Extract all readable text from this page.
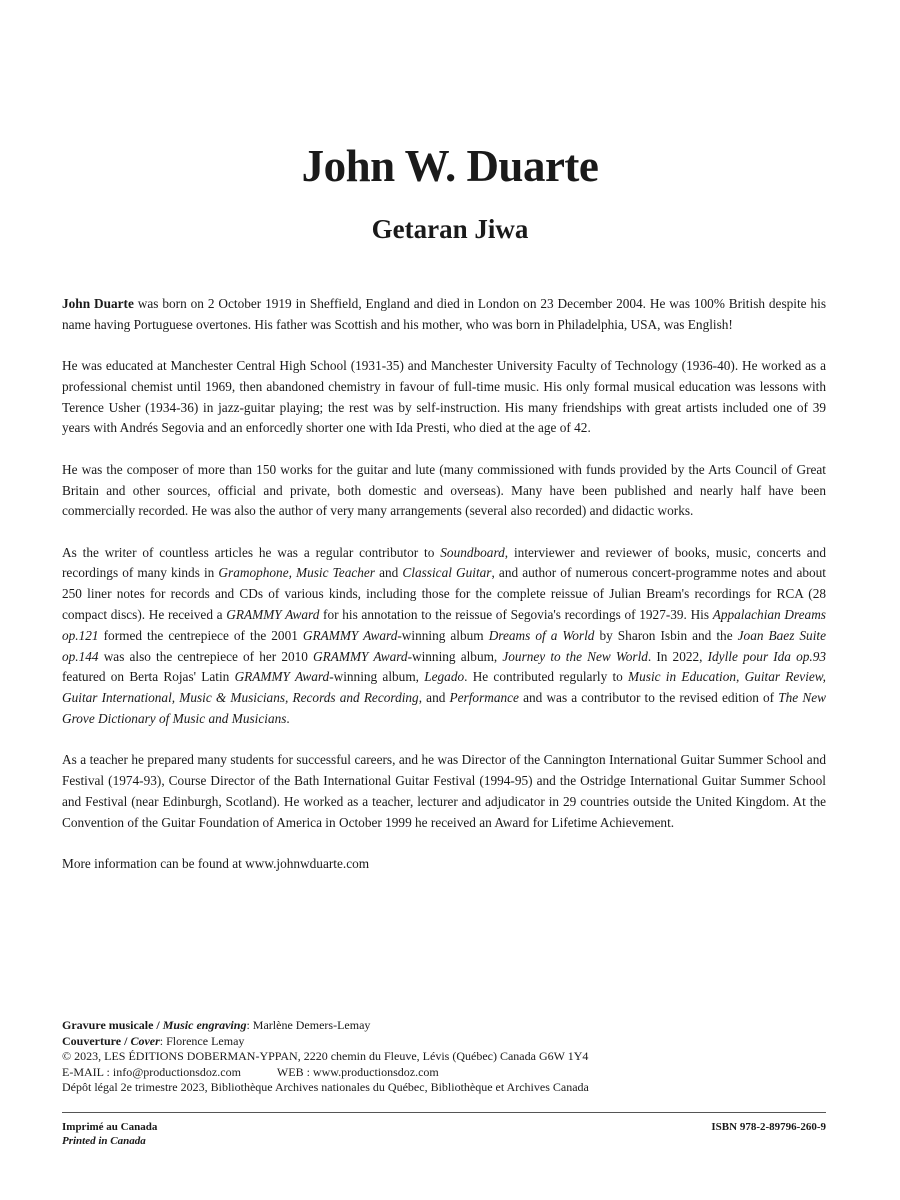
John W. Duarte
Getaran Jiwa

John Duarte was born on 2 October 1919 in Sheffield, England and died in London on 23 December 2004. He was 100% British despite his name having Portuguese overtones. His father was Scottish and his mother, who was born in Philadelphia, USA, was English!

He was educated at Manchester Central High School (1931-35) and Manchester University Faculty of Technology (1936-40). He worked as a professional chemist until 1969, then abandoned chemistry in favour of full-time music. His only formal musical education was lessons with Terence Usher (1934-36) in jazz-guitar playing; the rest was by self-instruction. His many friendships with great artists included one of 39 years with Andrés Segovia and an enforcedly shorter one with Ida Presti, who died at the age of 42.

He was the composer of more than 150 works for the guitar and lute (many commissioned with funds provided by the Arts Council of Great Britain and other sources, official and private, both domestic and overseas). Many have been published and nearly half have been commercially recorded. He was also the author of very many arrangements (several also recorded) and didactic works.

As the writer of countless articles he was a regular contributor to Soundboard, interviewer and reviewer of books, music, concerts and recordings of many kinds in Gramophone, Music Teacher and Classical Guitar, and author of numerous concert-programme notes and about 250 liner notes for records and CDs of various kinds, including those for the complete reissue of Julian Bream's recordings for RCA (28 compact discs). He received a GRAMMY Award for his annotation to the reissue of Segovia's recordings of 1927-39. His Appalachian Dreams op.121 formed the centrepiece of the 2001 GRAMMY Award-winning album Dreams of a World by Sharon Isbin and the Joan Baez Suite op.144 was also the centrepiece of her 2010 GRAMMY Award-winning album, Journey to the New World. In 2022, Idylle pour Ida op.93 featured on Berta Rojas' Latin GRAMMY Award-winning album, Legado. He contributed regularly to Music in Education, Guitar Review, Guitar International, Music & Musicians, Records and Recording, and Performance and was a contributor to the revised edition of The New Grove Dictionary of Music and Musicians.

As a teacher he prepared many students for successful careers, and he was Director of the Cannington International Guitar Summer School and Festival (1974-93), Course Director of the Bath International Guitar Festival (1994-95) and the Ostridge International Guitar Summer School and Festival (near Edinburgh, Scotland). He worked as a teacher, lecturer and adjudicator in 29 countries outside the United Kingdom. At the Convention of the Guitar Foundation of America in October 1999 he received an Award for Lifetime Achievement.

More information can be found at www.johnwduarte.com

Gravure musicale / Music engraving: Marlène Demers-Lemay
Couverture / Cover: Florence Lemay
© 2023, LES ÉDITIONS DOBERMAN-YPPAN, 2220 chemin du Fleuve, Lévis (Québec) Canada G6W 1Y4
E-MAIL : info@productionsdoz.com	WEB : www.productionsdoz.com
Dépôt légal 2e trimestre 2023, Bibliothèque Archives nationales du Québec, Bibliothèque et Archives Canada
Imprimé au Canada
Printed in Canada
ISBN 978-2-89796-260-9
